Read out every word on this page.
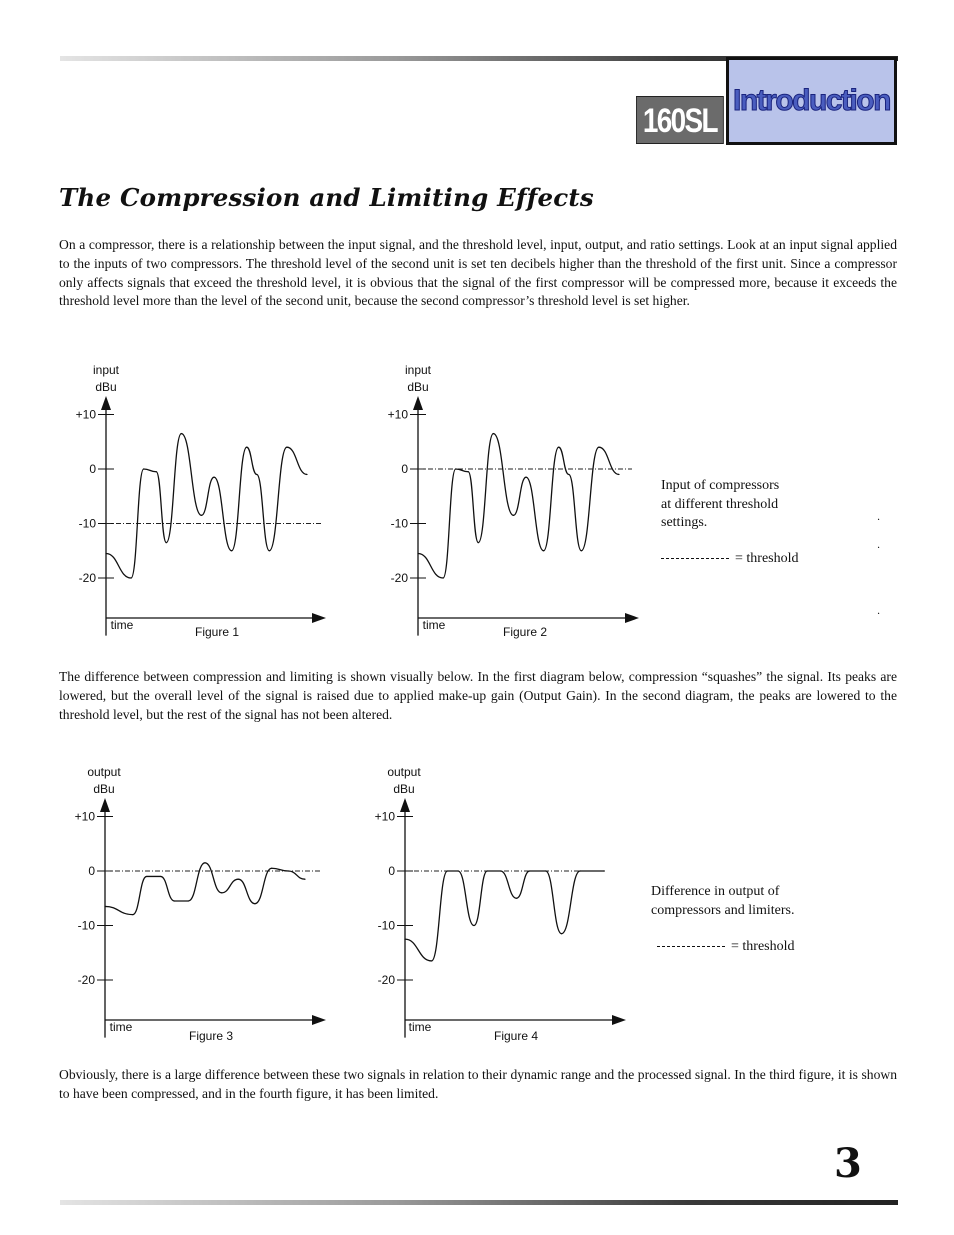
160SL
Introduction
The Compression and Limiting Effects

On a compressor, there is a relationship between the input signal, and the threshold level, input, output, and ratio settings. Look at an input signal applied to the inputs of two compressors. The threshold level of the second unit is set ten decibels higher than the threshold of the first unit. Since a compressor only affects signals that exceed the threshold level, it is obvious that the signal of the first compressor will be compressed more, because it exceeds the threshold level more than the level of the second unit, because the second compressor’s threshold level is set higher.

+10
0
-10
-20
input
dBu
time	Figure 1
+10
0
-10
-20
input
dBu
time	Figure 2
+10
0
-10
-20
output
dBu
time
Figure 3
+10
0
-10
-20
output
dBu
time
Figure 4
Input of compressors
at different threshold
settings.
= threshold
·
·
·

The difference between compression and limiting is shown visually below. In the first diagram below, compression “squashes” the signal. Its peaks are lowered, but the overall level of the signal is raised due to applied make-up gain (Output Gain). In the second diagram, the peaks are lowered to the threshold level, but the rest of the signal has not been altered.

Difference in output of
compressors and limiters.
= threshold

Obviously, there is a large difference between these two signals in relation to their dynamic range and the processed signal. In the third figure, it is shown to have been compressed, and in the fourth figure, it has been limited.

3
